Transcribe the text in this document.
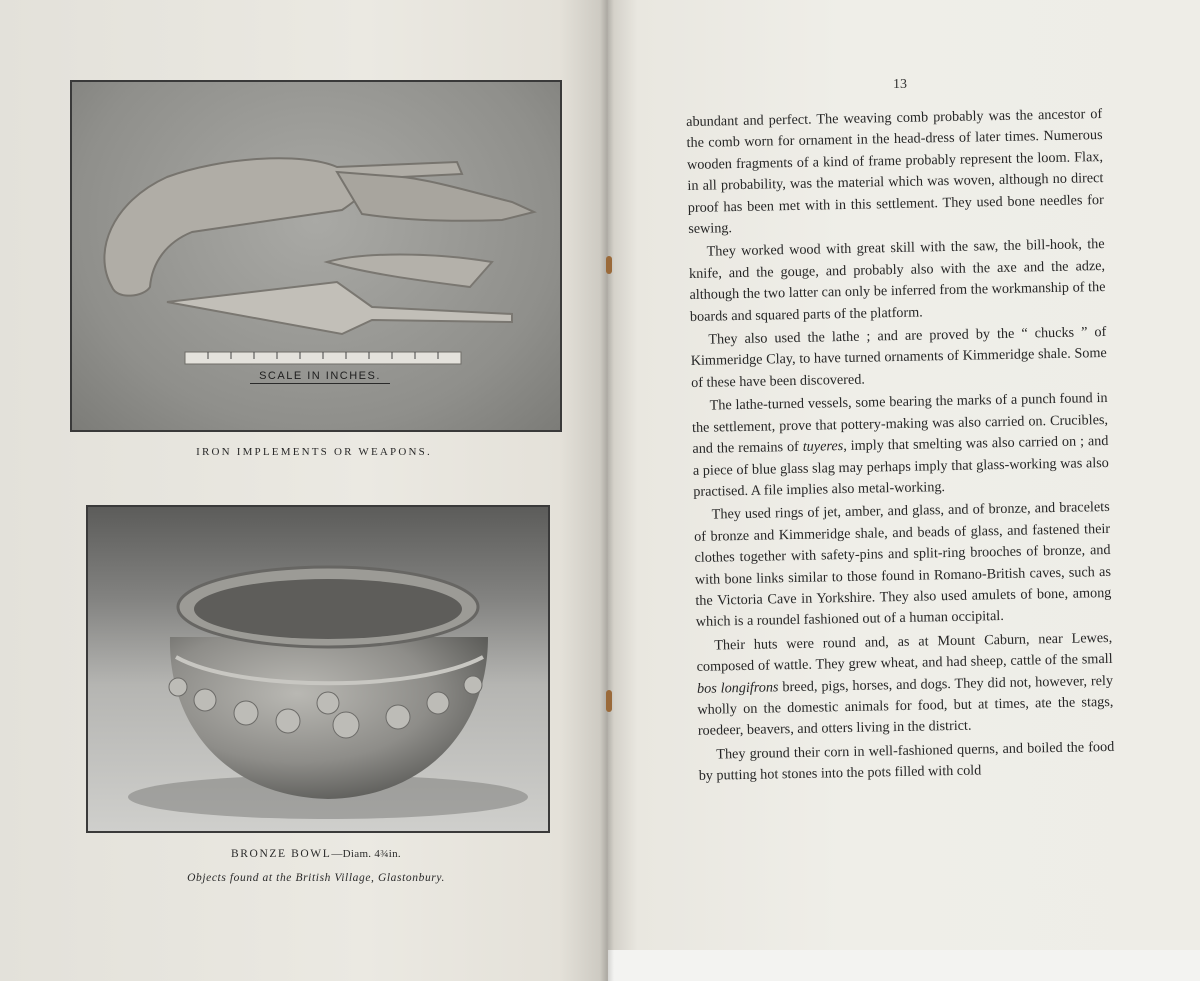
SCALE IN INCHES.
IRON IMPLEMENTS OR WEAPONS.
BRONZE BOWL—Diam. 4¾in.
Objects found at the British Village, Glastonbury.
13

abundant and perfect. The weaving comb probably was the ancestor of the comb worn for ornament in the head-dress of later times. Numerous wooden fragments of a kind of frame probably represent the loom. Flax, in all probability, was the material which was woven, although no direct proof has been met with in this settlement. They used bone needles for sewing.

They worked wood with great skill with the saw, the bill-hook, the knife, and the gouge, and probably also with the axe and the adze, although the two latter can only be inferred from the workmanship of the boards and squared parts of the platform.

They also used the lathe ; and are proved by the “ chucks ” of Kimmeridge Clay, to have turned ornaments of Kimmeridge shale. Some of these have been discovered.

The lathe-turned vessels, some bearing the marks of a punch found in the settlement, prove that pottery-making was also carried on. Crucibles, and the remains of tuyeres, imply that smelting was also carried on ; and a piece of blue glass slag may perhaps imply that glass-working was also practised. A file implies also metal-working.

They used rings of jet, amber, and glass, and of bronze, and bracelets of bronze and Kimmeridge shale, and beads of glass, and fastened their clothes together with safety-pins and split-ring brooches of bronze, and with bone links similar to those found in Romano-British caves, such as the Victoria Cave in Yorkshire. They also used amulets of bone, among which is a roundel fashioned out of a human occipital.

Their huts were round and, as at Mount Caburn, near Lewes, composed of wattle. They grew wheat, and had sheep, cattle of the small bos longifrons breed, pigs, horses, and dogs. They did not, however, rely wholly on the domestic animals for food, but at times, ate the stags, roedeer, beavers, and otters living in the district.

They ground their corn in well-fashioned querns, and boiled the food by putting hot stones into the pots filled with cold
